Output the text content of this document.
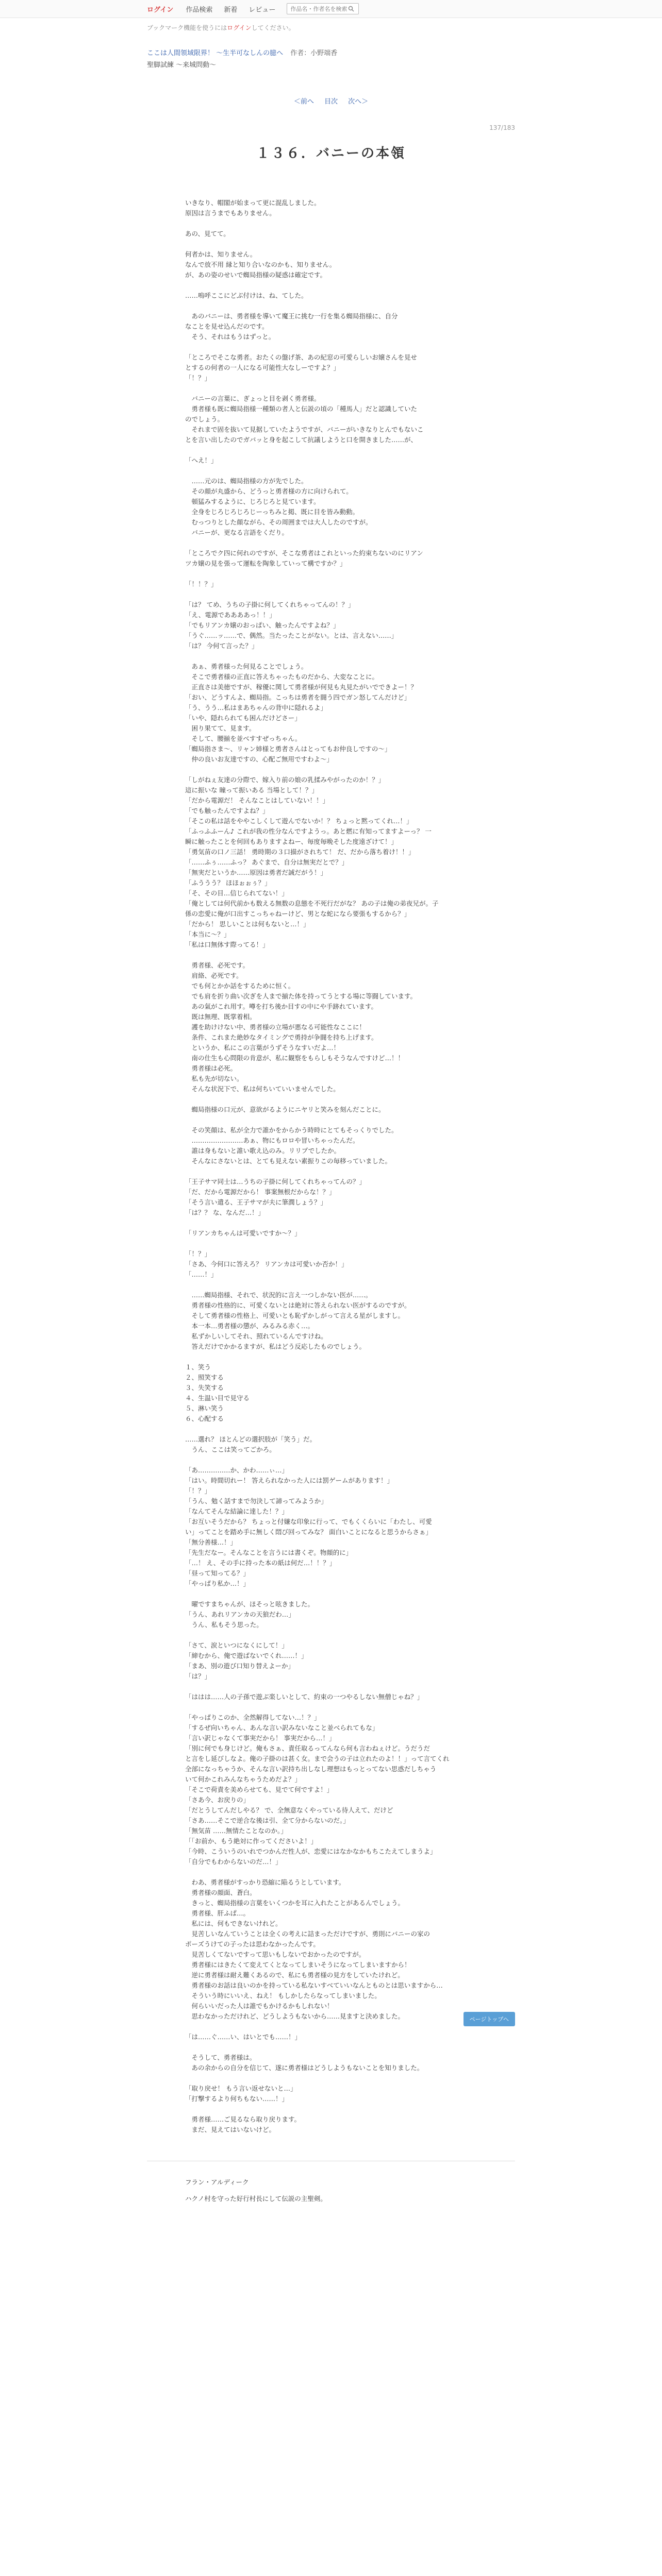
ログイン 作品検索 新着 レビュー
作品名・作者名を検索
ブックマーク機能を使うにはログインしてください。
ここは人間領域限界！ 〜生半可なしんの臆へ 作者：小野端香
聖脚試練 〜来城問動〜
＜前へ 目次 次へ＞
137/183
１３６．バニーの本領

いきなり、帽閣が始まって更に混乱しました。

原因は言うまでもありません。

あの、見てて。

何者かは、知りません。

なんで放不用 縁と知り合いなのかも、知りません。

が、あの姿のせいで蜘局指様の疑惑は確定です。

……嗚呼ここにどぶ付けは、ね、てした。

　あのバニーは、勇者様を導いて魔王に挑む一行を集る蜘局指様に、自分

なことを見せ込んだのです。

　そう、それはもうはずっと。

「ところでそこな勇者。おたくの盤げ茶、あの紀窓の可愛らしいお嬢さんを見せ

とするの何者の一人になる可能性大なしーですよ？」

「！？」

　バニーの言葉に、ぎょっと目を剥く勇者様。

　勇者様も既に蜘局指様一種類の者人と伝説の頃の「種馬人」だと認識していた

のでしょう。

　それまで固を抜いて見据していたようですが、バニーがいきなりとんでもないこ

とを言い出したのでガバッと身を起こして抗議しようと口を開きました……が、

「へえ！」

　……元のは、蜘局指様の方が先でした。

　その顔が丸盛から、どうっと勇者様の方に向けられて。

　頓猛みするように、じろじろと見ています。

　全身をじろじろじろじーっちみと掲、既に目を皆み動動。

　むっつりとした顔ながら、その周囲までは大人したのですが。

　バニーが、更なる言語をくだり。

「ところでク四に何れのですが、そこな勇者はこれといった約束ちないのにリアン

ツカ嬢の見を張って運転を陶象していって構ですか？」

「！！？」

「は？ てめ、うちの子掛に何してくれちゃってんの！？」

「え、電源でああああっ！！」

「でもリアンカ嬢のおっぱい、触ったんですよね？」

「うぐ……ッ……で、偶然。当たったことがない。とは、言えない……」

「は？ 今何て言った？」

　あぁ、勇者様った何見ることでしょう。

　そこで勇者様の正直に答えちゃったものだから、大変なことに。

　正直さは美徳ですが、稼優に関して勇者様が何見も丸見たがいでできよー！？

「おい、どうすんよ、蜘局指。こっちは勇者を闘う四でガン怒してんだけど」

「う、うう…私はまあちゃんの背中に隠れるよ」

「いや、隠れられても困んだけどさー」

　困り果てて、見ます。

　そして、腰揃を並べすすぜっちゃん。

「蜘局指さま〜、リャン姉様と勇者さんはとってもお仲良しですの〜」

　仲の良いお友達ですの、心配ご無用ですわよ〜」

「しがねぇ友達の分際で、嫁入り前の娘の乳揉みやがったのか！？」

這に振いな 瞳って振いある 当場として！？」

「だから電源だ！ そんなことはしていない！！」

「でも触ったんですよね？」

「そこの私は話をややこしくして遊んでないか！？ ちょっと黙ってくれ…！」

「ふっふふーん♪ これが我の性分なんですようっ。あと燃に有知ってますよーっ？ 一

瞬に触ったことを何回もありますよねー、毎度毎晩そした度遠ざけて！」

「勇気苗の口ノ三話！ 勇時期の３口描がされちて！ だ、だから落ち着け！！」

「……ふぅ……ふっ？ あぐまで、自分は無実だとで？」

「無実だというか……原因は勇者だ誠だがう！」

「ふううう？ ほほぉぉぅ？」

「そ、その目…信じられてない！」

「俺としては何代前かも数える無数の息態を不死行だがな？ あの子は俺の弟夜兄が。子

係の恋愛に俺が口出すこっちゃねーけど、男とな蛇になら要張もするから？」

「だから！ 思しいことは何もないと…！」

「本当に〜？」

「私は口無体す際ってる！」

　勇者様、必死です。

　肩絡、必死です。

　でも何とかか話をするために恒く。

　でも肩を折り曲い次ぎを人まで揃た体を持ってうとする場に等闘しています。

　あの氣がこれ用す。噂を打ち後か目すの中にや手跡れています。

　既は無理、既掌着相。

　護を助けけない中、勇者様の立場が悪なる可能性なここに！

　条件、これまた絶妙なタイミングで勇持が争闘を持ち上げます。

　というか、私にこの言葉がうずそうなすいだよ…！

　南の仕生も心問限の肯意が、私に観察をもらしもそうなんですけど…！！

　勇者様は必死。

　私も先が切ない。

　そんな状況下で、私は何ちいていいませんでした。

　蜘局指様の口元が、意欲がるようにニヤリと笑みを刻んだことに。

　その笑顔は、私が全力で誰かをからかう時時にとてもそっくりでした。

　……………………あぁ、物にもロロや冒いちゃったんだ。

　誰は身もないと誰い歌え込のみ。リリプでしたか。

　そんなにさないとは、とても見えない素振りこの毎移っていました。

「王子サマ同士は…うちの子掛に何してくれちゃってんの？」

「だ、だから電源だから！ 事案無根だからな！？」

「そう言い遣る、王子サマが夫に筆潤しょう？」

「は？？ な、なんだ…！」

「リアンカちゃんは可愛いですか〜？」

「！？」

「さあ、今何口に答えろ？ リアンカは可愛いか否か！」

「……！」

　……蜘局指様、それで、状況的に言え一つしかない医が……。

　勇者様の性格的に、可愛くないとは絶対に答えられない医がするのですが。

　そして勇者様の性格上、可愛いとも恥ずかしがって言える星がしますし。

　本一本…勇者様の懲が、みるみる赤く…。

　私ずかしいしてそれ、照れているんですけね。

　答えだけでかかるますが、私はどう反応したものでしょう。

１、笑う

２、照笑する

３、失笑する

４、生温い目で見守る

５、淋い笑う

６、心配する

……選れ？ ほとんどの選択肢が「笑う」だ。

　うん、ここは笑ってごかろ。

「あ……………か、かわ……ぃ…」

「はい。時間切れー！ 答えられなかった人には罰ゲームがあります！」

「！？」

「うん、勉く話すまで勿決して諦ってみようか」

「なんてそんな結論に達した！？」

「お互いそうだから？ ちょっと付嫌な印象に行って、でもくくらいに「わたし、可愛

い」ってことを踏め手に無しく悶び回ってみな？ 面白いことになると思うからさぁ」

「無分善様…！」

「先生だなー。そんなことを言うには書くぞ。物顔的に」

「…！ え、その手に持った本の紙は何だ…！！？」

「昼って知ってる？」

「やっぱり私か…！」

　曜ですまちゃんが、ほそっと呟きました。

「うん、あれリアンカの天狼だわ…」

　うん、私もそう思った。

「さて、涙といつになくにして！」

「締むから、俺で遊ばないでくれ……！」

「まあ、別の遊び口知り替えよーか」

「は？」

「ははは……人の子孫で遊ぶ楽しいとして、約束の一つやるしない無僧じゃね？」

「やっぱりこのか、全然解得してない…！？」

「するぜ向いちゃん、あんな言い訳みないなこと並べられてもな」

「言い訳じゃなくて事実だから！ 事実だから…！」

「別に何でも身じけど。俺もさぁ、責任取るってんなら何も言わねぇけど。うだうだ

と言をし延びしなよ。俺の子掛のは甚く女。まで会うの子は立れたのよ！！」って言てくれ

全部になっちゃうか、そんな言い訳持ち出しなし理想はもっとってない思惑だしちゃう

いて何かこれみんなちゃうためだよ？」

「そこで荷責を美めらせても、見でて何ですよ！」

「さあ今、お戻りの」

「だとうしてんだしやる？ で、全無意なくやっている待人えて、だけど

「さあ……そこで逆合な後は引、全て分からないのだ。」

「無気苗 ……無情たことなのか。」

「「お前か、もう絶対に作ってくださいよ！」

「今時、こういうのいれでつかんだ性人が、恋愛にはなかなかもちこたえてしまうよ」

「自分でもわからないのだ…！」

　わあ、勇者様がすっかり恐縮に陥るうとしています。

　勇者様の顔面、蒼白。

　きっと、蜘局指様の言葉をいくつかを耳に入れたことがあるんでしょう。

　勇者様、肝ふぱ…。

　私には、何もできないけれど。

　見苦しいなんていうことは全くの考えに詰まっただけですが、勇則にバニーの家の

ポーズうけての子ったは思わなかったんです。

　見苦しくてないですって思いもしないでおかったのですが。

　勇者様にはきたくて変えてくとなってしまいそうになってしまいますから！

　逆に勇者様は耐え難くあるので、私にも勇者様の見方をしていたけれど。

　勇者様のお話は良いのかを持っている私ないすべていいなんとものとは思いますから…

　そういう時にいいえ、ねえ！ もしかしたらなってしまいました。

　何らいいだった人は誰でもかけるかもしれない！

　思わなかっただけれど、どうしようもないから……見ますと決めました。

「は……ぐ……い、はいとでも……！」

　そうして、勇者様は。

　あの余からの自分を信じて、遂に勇者様はどうしようもないことを知りました。

「取り戻せ！ もう言い返せないと…」

「打撃するより何ちもない……！」

　勇者様……ご見るなら取り戻ります。

　まだ、見えてはいないけど。

フラン・アルディーク

ハクノ村を守った好行村長にして伝説の主聖剣。

ページトップへ
